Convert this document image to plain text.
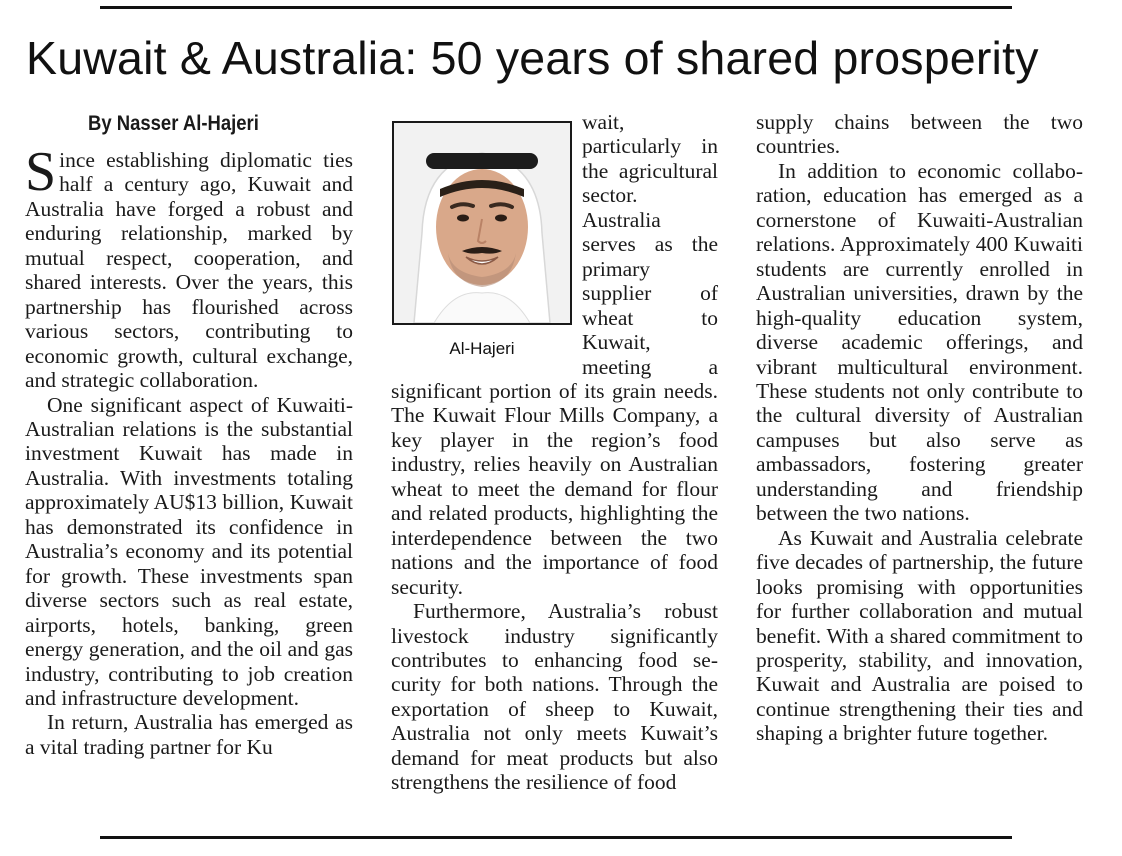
Kuwait & Australia: 50 years of shared prosperity
By Nasser Al-Hajeri

Since establishing diplomatic ties half a century ago, Kuwait and Australia have forged a robust and enduring relationship, marked by mutual respect, cooperation, and shared interests. Over the years, this partnership has flourished across various sectors, contributing to economic growth, cultural exchange, and strategic collaboration.

One significant aspect of Kuwaiti-Australian relations is the substantial investment Kuwait has made in Australia. With investments totaling approximately AU$13 billion, Kuwait has demonstrated its confidence in Australia’s economy and its potential for growth. These investments span diverse sectors such as real estate, airports, hotels, banking, green energy generation, and the oil and gas industry, contributing to job creation and infrastructure development.

In return, Australia has emerged as a vital trading partner for Ku

Al-Hajeri

wait, particularly in the agricultural sector. Australia serves as the primary supplier of wheat to Kuwait, meeting a significant portion of its grain needs. The Kuwait Flour Mills Company, a key player in the region’s food industry, relies heavily on Australian wheat to meet the demand for flour and related products, highlighting the interdependence between the two nations and the importance of food security.

Furthermore, Australia’s robust livestock industry significantly contributes to enhancing food security for both nations. Through the exportation of sheep to Kuwait, Australia not only meets Kuwait’s demand for meat products but also strengthens the resilience of food

supply chains between the two countries.

In addition to economic collaboration, education has emerged as a cornerstone of Kuwaiti-Australian relations. Approximately 400 Kuwaiti students are currently enrolled in Australian universities, drawn by the high-quality education system, diverse academic offerings, and vibrant multicultural environment. These students not only contribute to the cultural diversity of Australian campuses but also serve as ambassadors, fostering greater understanding and friendship between the two nations.

As Kuwait and Australia celebrate five decades of partnership, the future looks promising with opportunities for further collaboration and mutual benefit. With a shared commitment to prosperity, stability, and innovation, Kuwait and Australia are poised to continue strengthening their ties and shaping a brighter future together.
